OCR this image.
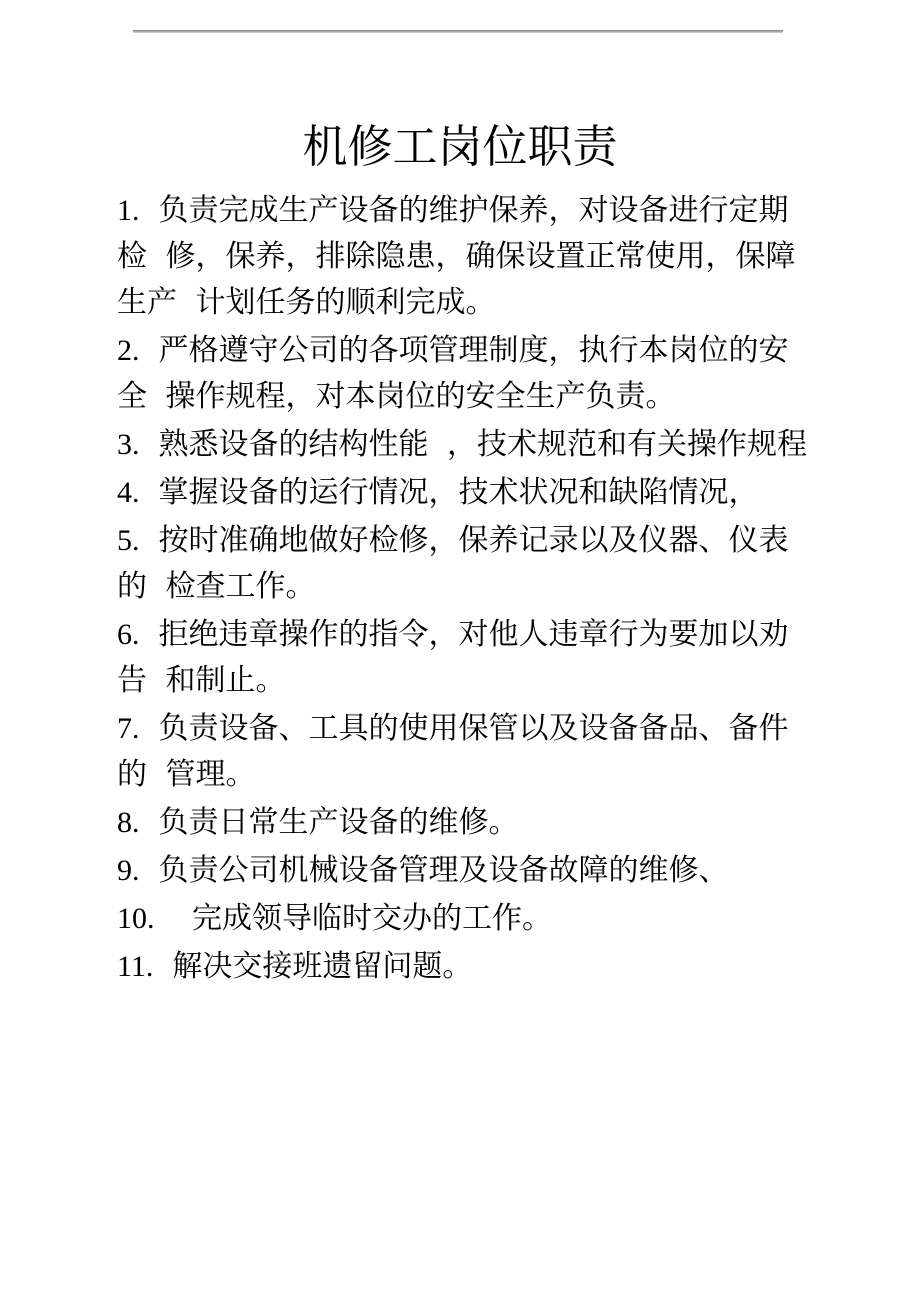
机修工岗位职责
1. 负责完成生产设备的维护保养，对设备进行定期
检 修，保养，排除隐患，确保设置正常使用，保障
生产 计划任务的顺利完成。
2. 严格遵守公司的各项管理制度，执行本岗位的安
全 操作规程，对本岗位的安全生产负责。
3. 熟悉设备的结构性能 ，技术规范和有关操作规程
4. 掌握设备的运行情况，技术状况和缺陷情况，
5. 按时准确地做好检修，保养记录以及仪器、仪表
的 检查工作。
6. 拒绝违章操作的指令，对他人违章行为要加以劝
告 和制止。
7. 负责设备、工具的使用保管以及设备备品、备件
的 管理。
8. 负责日常生产设备的维修。
9. 负责公司机械设备管理及设备故障的维修、
10. 完成领导临时交办的工作。
11. 解决交接班遗留问题。
